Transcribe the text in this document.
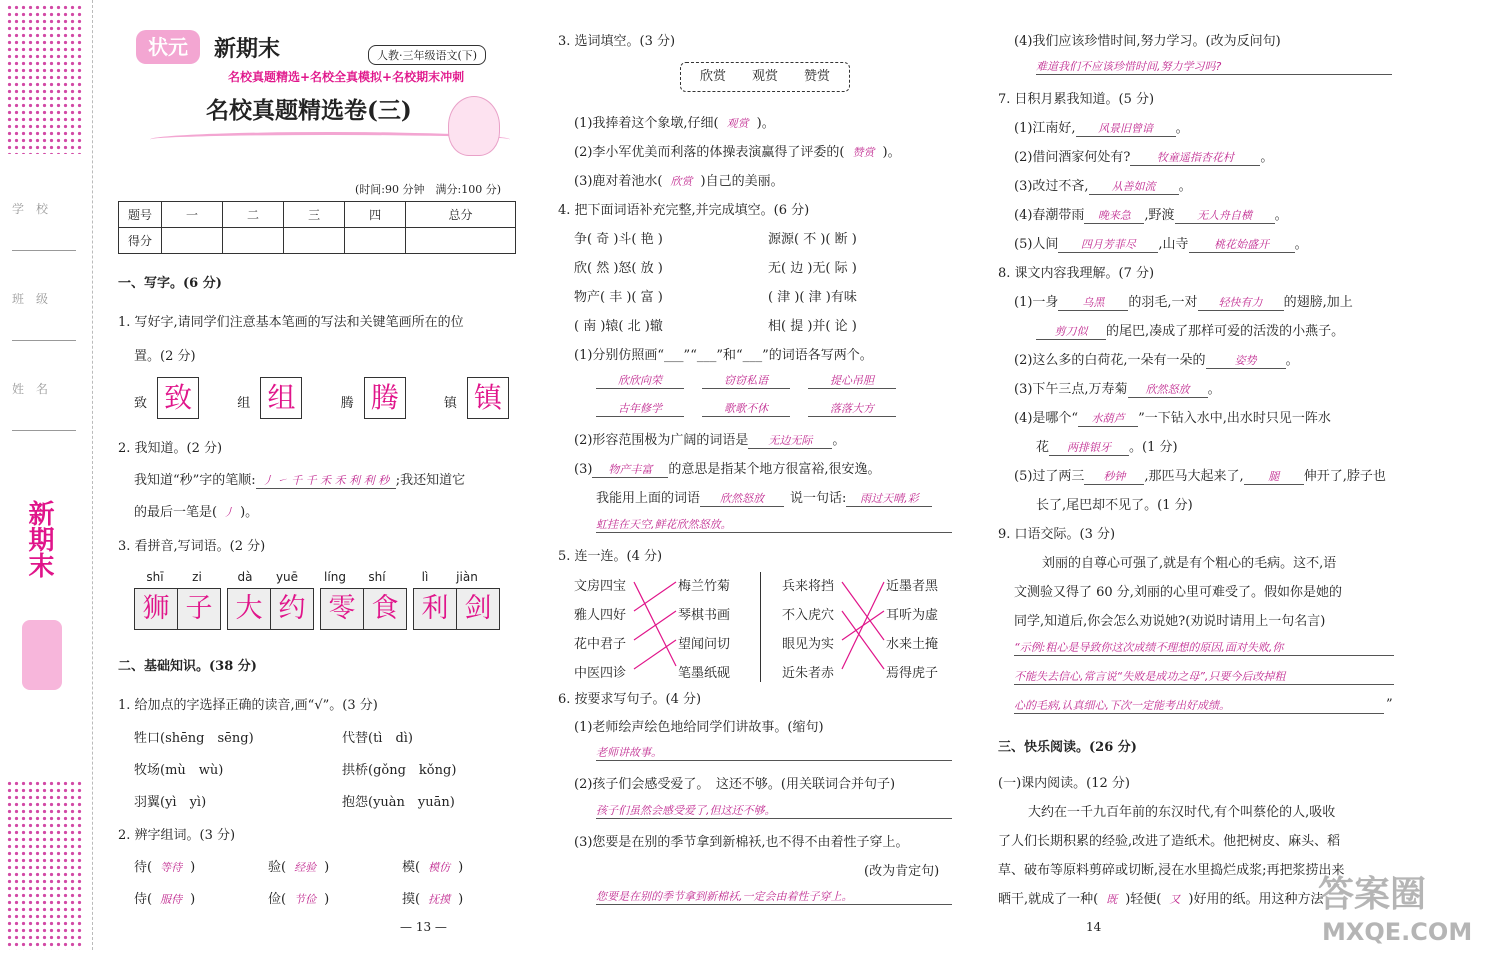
学　校
班　级
姓　名
新期末
状元	新期末	人教·三年级语文(下)
名校真题精选+名校全真模拟+名校期末冲刺
名校真题精选卷(三)
(时间:90 分钟　满分:100 分)
题号	一	二	三	四	总分
得分					
一、写字。(6 分)
1. 写好字,请同学们注意基本笔画的写法和关键笔画所在的位
置。(2 分)
致 致	组 组	腾 腾	镇 镇
2. 我知道。(2 分)
我知道“秒”字的笔顺: 丿 ㇀ 千 千 禾 禾 利 利 秒 ;我还知道它
的最后一笔是( 丿 )。
3. 看拼音,写词语。(2 分)
shī zi	dà yuē líng shí	lì jiàn
狮 子 大 约 零 食 利 剑
二、基础知识。(38 分)
1. 给加点的字选择正确的读音,画“√”。(3 分)
牲口(shēng　sēng)	代替(tì　dì)
牧场(mù　wù)	拱桥(gǒng　kǒng)
羽翼(yì　yì)	抱怨(yuàn　yuān)
2. 辨字组词。(3 分)
待( 等待 )	验( 经验 )	模( 模仿 )
侍( 服侍 )	俭( 节俭 )	摸( 抚摸 )
3. 选词填空。(3 分)
欣赏　　观赏　　赞赏
(1)我捧着这个象墩,仔细( 观赏 )。
(2)李小军优美而利落的体操表演赢得了评委的( 赞赏 )。
(3)鹿对着池水( 欣赏 )自己的美丽。
4. 把下面词语补充完整,并完成填空。(6 分)
争( 奇 )斗( 艳 )	源源( 不 )( 断 )
欣( 然 )怒( 放 )	无( 边 )无( 际 )
物产( 丰 )( 富 )	( 津 )( 津 )有味
( 南 )辕( 北 )辙	相( 提 )并( 论 )
(1)分别仿照画“___”“___”和“___”的词语各写两个。
欣欣向荣	窃窃私语	提心吊胆
古年修学	歌歌不休	落落大方
(2)形容范围极为广阔的词语是 无边无际 。
(3) 物产丰富 的意思是指某个地方很富裕,很安逸。
我能用上面的词语 欣然怒放 说一句话: 雨过天晴,彩
虹挂在天空,鲜花欣然怒放。
5. 连一连。(4 分)
文房四宝
雅人四好
花中君子
中医四诊
梅兰竹菊
琴棋书画
望闻问切
笔墨纸砚
兵来将挡
不入虎穴
眼见为实
近朱者赤
近墨者黑
耳听为虚
水来土掩
焉得虎子
6. 按要求写句子。(4 分)
(1)老师绘声绘色地给同学们讲故事。(缩句)
老师讲故事。
(2)孩子们会感受爱了。　这还不够。(用关联词合并句子)
孩子们虽然会感受爱了,但这还不够。
(3)您要是在别的季节拿到新棉袄,也不得不由着性子穿上。
(改为肯定句)
您要是在别的季节拿到新棉袄,一定会由着性子穿上。
— 13 —
(4)我们应该珍惜时间,努力学习。(改为反问句)
难道我们不应该珍惜时间,努力学习吗?
7. 日积月累我知道。(5 分)
(1)江南好, 风景旧曾谙 。
(2)借问酒家何处有? 牧童遥指杏花村 。
(3)改过不吝, 从善如流 。
(4)春潮带雨 晚来急 ,野渡 无人舟自横 。
(5)人间 四月芳菲尽 ,山寺 桃花始盛开 。
8. 课文内容我理解。(7 分)
(1)一身 乌黑 的羽毛,一对 轻快有力 的翅膀,加上
剪刀似 的尾巴,凑成了那样可爱的活泼的小燕子。
(2)这么多的白荷花,一朵有一朵的	姿势 。
(3)下午三点,万寿菊 欣然怒放 。
(4)是哪个“ 水葫芦 ”一下钻入水中,出水时只见一阵水
花 两排银牙 。(1 分)
(5)过了两三 秒钟 ,那匹马大起来了, 腿 伸开了,脖子也
长了,尾巴却不见了。(1 分)
9. 口语交际。(3 分)
刘丽的自尊心可强了,就是有个粗心的毛病。这不,语
文测验又得了 60 分,刘丽的心里可难受了。假如你是她的
同学,知道后,你会怎么劝说她?(劝说时请用上一句名言)
“示例:粗心是导致你这次成绩不理想的原因,面对失败,你
不能失去信心,常言说“失败是成功之母”,只要今后改掉粗
心的毛病,认真细心,下次一定能考出好成绩。	”
三、快乐阅读。(26 分)
(一)课内阅读。(12 分)
大约在一千九百年前的东汉时代,有个叫蔡伦的人,吸收
了人们长期积累的经验,改进了造纸术。他把树皮、麻头、稻
草、破布等原料剪碎或切断,浸在水里捣烂成浆;再把浆捞出来
晒干,就成了一种( 既 )轻便( 又 )好用的纸。用这种方法
14
答案圈
MXQE.COM
